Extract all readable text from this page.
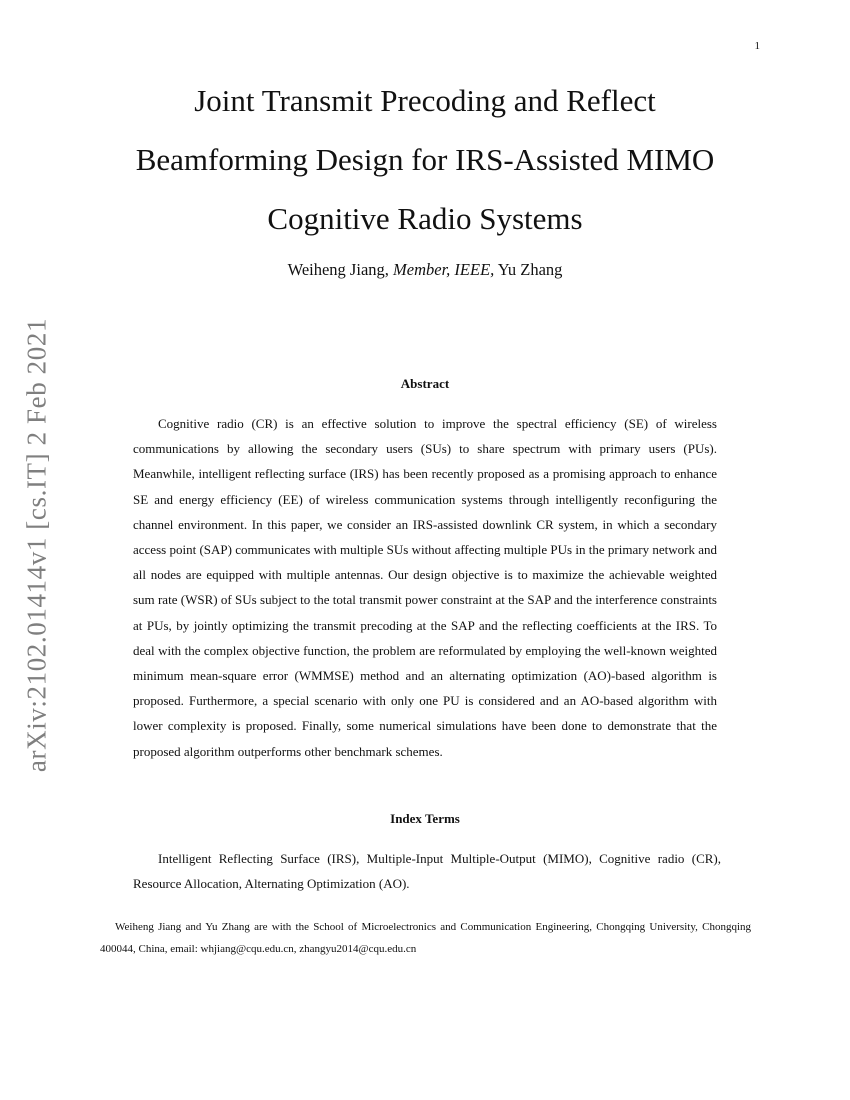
1
arXiv:2102.01414v1 [cs.IT] 2 Feb 2021
Joint Transmit Precoding and Reflect
Beamforming Design for IRS-Assisted MIMO
Cognitive Radio Systems
Weiheng Jiang, Member, IEEE, Yu Zhang
Abstract

Cognitive radio (CR) is an effective solution to improve the spectral efficiency (SE) of wireless communications by allowing the secondary users (SUs) to share spectrum with primary users (PUs). Meanwhile, intelligent reflecting surface (IRS) has been recently proposed as a promising approach to enhance SE and energy efficiency (EE) of wireless communication systems through intelligently reconfiguring the channel environment. In this paper, we consider an IRS-assisted downlink CR system, in which a secondary access point (SAP) communicates with multiple SUs without affecting multiple PUs in the primary network and all nodes are equipped with multiple antennas. Our design objective is to maximize the achievable weighted sum rate (WSR) of SUs subject to the total transmit power constraint at the SAP and the interference constraints at PUs, by jointly optimizing the transmit precoding at the SAP and the reflecting coefficients at the IRS. To deal with the complex objective function, the problem are reformulated by employing the well-known weighted minimum mean-square error (WMMSE) method and an alternating optimization (AO)-based algorithm is proposed. Furthermore, a special scenario with only one PU is considered and an AO-based algorithm with lower complexity is proposed. Finally, some numerical simulations have been done to demonstrate that the proposed algorithm outperforms other benchmark schemes.

Index Terms

Intelligent Reflecting Surface (IRS), Multiple-Input Multiple-Output (MIMO), Cognitive radio (CR), Resource Allocation, Alternating Optimization (AO).

Weiheng Jiang and Yu Zhang are with the School of Microelectronics and Communication Engineering, Chongqing University, Chongqing 400044, China, email: whjiang@cqu.edu.cn, zhangyu2014@cqu.edu.cn
